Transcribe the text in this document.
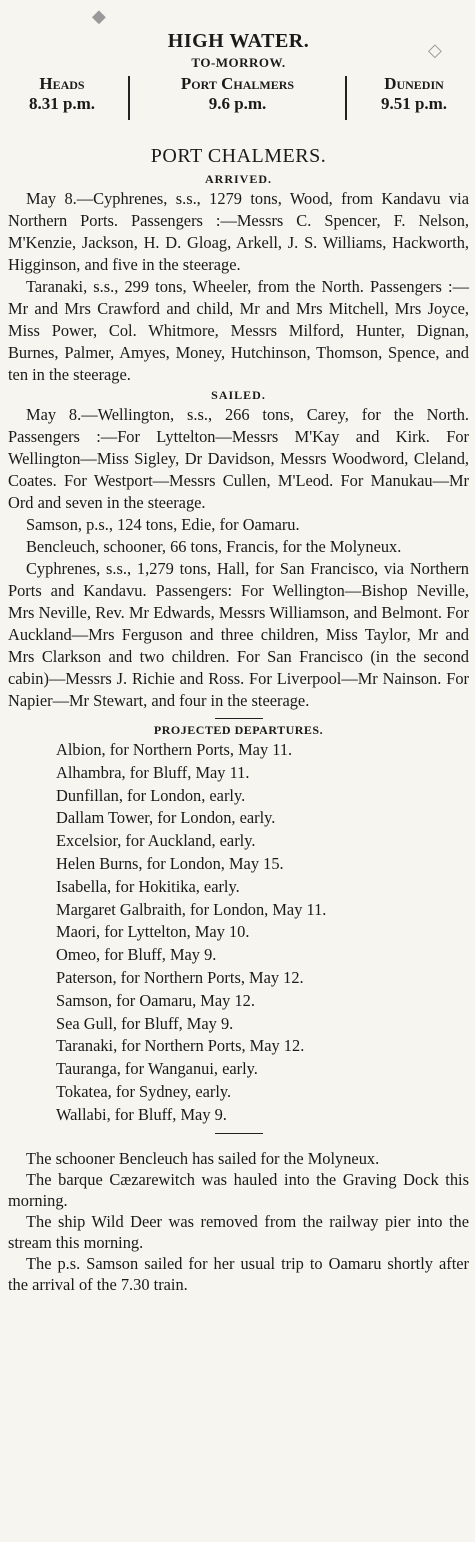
◆
◇
HIGH WATER.
TO-MORROW.
Heads
8.31 p.m.
Port Chalmers
9.6 p.m.
Dunedin
9.51 p.m.
PORT CHALMERS.
ARRIVED.

May 8.—Cyphrenes, s.s., 1279 tons, Wood, from Kandavu via Northern Ports. Passengers :—Messrs C. Spencer, F. Nelson, M'Kenzie, Jackson, H. D. Gloag, Arkell, J. S. Williams, Hackworth, Higginson, and five in the steerage.

Taranaki, s.s., 299 tons, Wheeler, from the North. Passengers :—Mr and Mrs Crawford and child, Mr and Mrs Mitchell, Mrs Joyce, Miss Power, Col. Whitmore, Messrs Milford, Hunter, Dignan, Burnes, Palmer, Amyes, Money, Hutchinson, Thomson, Spence, and ten in the steerage.

SAILED.

May 8.—Wellington, s.s., 266 tons, Carey, for the North. Passengers :—For Lyttelton—Messrs M'Kay and Kirk. For Wellington—Miss Sigley, Dr Davidson, Messrs Woodword, Cleland, Coates. For Westport—Messrs Cullen, M'Leod. For Manukau—Mr Ord and seven in the steerage.

Samson, p.s., 124 tons, Edie, for Oamaru.

Bencleuch, schooner, 66 tons, Francis, for the Molyneux.

Cyphrenes, s.s., 1,279 tons, Hall, for San Francisco, via Northern Ports and Kandavu. Passengers: For Wellington—Bishop Neville, Mrs Neville, Rev. Mr Edwards, Messrs Williamson, and Belmont. For Auckland—Mrs Ferguson and three children, Miss Taylor, Mr and Mrs Clarkson and two children. For San Francisco (in the second cabin)—Messrs J. Richie and Ross. For Liverpool—Mr Nainson. For Napier—Mr Stewart, and four in the steerage.

PROJECTED DEPARTURES.
Albion, for Northern Ports, May 11.
Alhambra, for Bluff, May 11.
Dunfillan, for London, early.
Dallam Tower, for London, early.
Excelsior, for Auckland, early.
Helen Burns, for London, May 15.
Isabella, for Hokitika, early.
Margaret Galbraith, for London, May 11.
Maori, for Lyttelton, May 10.
Omeo, for Bluff, May 9.
Paterson, for Northern Ports, May 12.
Samson, for Oamaru, May 12.
Sea Gull, for Bluff, May 9.
Taranaki, for Northern Ports, May 12.
Tauranga, for Wanganui, early.
Tokatea, for Sydney, early.
Wallabi, for Bluff, May 9.

The schooner Bencleuch has sailed for the Molyneux.

The barque Cæzarewitch was hauled into the Graving Dock this morning.

The ship Wild Deer was removed from the railway pier into the stream this morning.

The p.s. Samson sailed for her usual trip to Oamaru shortly after the arrival of the 7.30 train.
